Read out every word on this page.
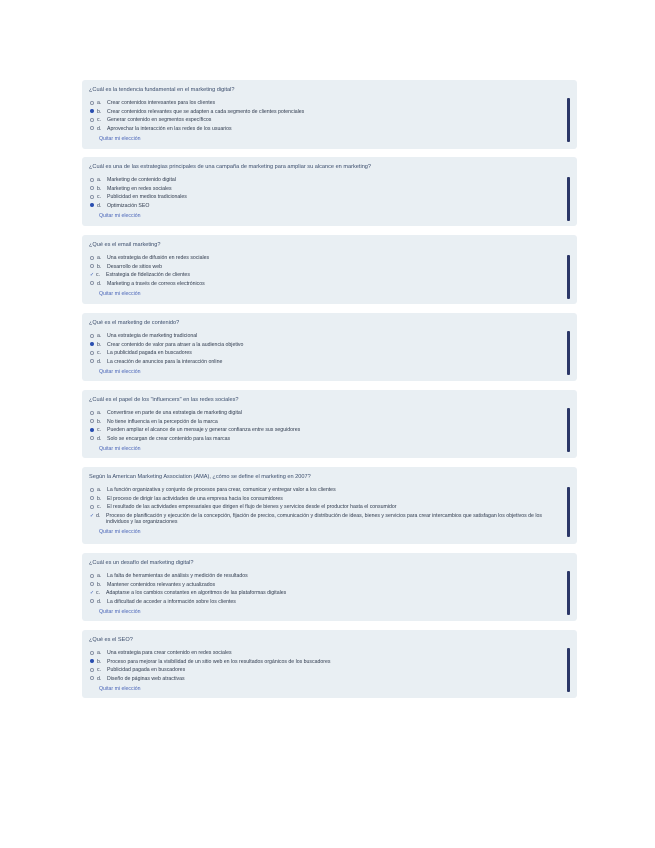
¿Cuál es la tendencia fundamental en el marketing digital?
a.	Crear contenidos interesantes para los clientes
b.	Crear contenidos relevantes que se adapten a cada segmento de clientes potenciales
c.	Generar contenido en segmentos específicos
d.	Aprovechar la interacción en las redes de los usuarios
Quitar mi elección
¿Cuál es una de las estrategias principales de una campaña de marketing para ampliar su alcance en marketing?
a.	Marketing de contenido digital
b.	Marketing en redes sociales
c.	Publicidad en medios tradicionales
d.	Optimización SEO
Quitar mi elección
¿Qué es el email marketing?
a.	Una estrategia de difusión en redes sociales
b.	Desarrollo de sitios web
✓ c.	Estrategia de fidelización de clientes
d.	Marketing a través de correos electrónicos
Quitar mi elección
¿Qué es el marketing de contenido?
a.	Una estrategia de marketing tradicional
b.	Crear contenido de valor para atraer a la audiencia objetivo
c.	La publicidad pagada en buscadores
d.	La creación de anuncios para la interacción online
Quitar mi elección
¿Cuál es el papel de los "influencers" en las redes sociales?
a.	Convertirse en parte de una estrategia de marketing digital
b.	No tiene influencia en la percepción de la marca
c.	Pueden ampliar el alcance de un mensaje y generar confianza entre sus seguidores
d.	Solo se encargan de crear contenido para las marcas
Quitar mi elección
Según la American Marketing Association (AMA), ¿cómo se define el marketing en 2007?
a.	La función organizativa y conjunto de procesos para crear, comunicar y entregar valor a los clientes
b.	El proceso de dirigir las actividades de una empresa hacia los consumidores
c.	El resultado de las actividades empresariales que dirigen el flujo de bienes y servicios desde el productor hasta el consumidor
✓ d.	Proceso de planificación y ejecución de la concepción, fijación de precios, comunicación y distribución de ideas, bienes y servicios para crear intercambios que satisfagan los objetivos de los individuos y las organizaciones
Quitar mi elección
¿Cuál es un desafío del marketing digital?
a.	La falta de herramientas de análisis y medición de resultados
b.	Mantener contenidos relevantes y actualizados
✓ c.	Adaptarse a los cambios constantes en algoritmos de las plataformas digitales
d.	La dificultad de acceder a información sobre los clientes
Quitar mi elección
¿Qué es el SEO?
a.	Una estrategia para crear contenido en redes sociales
b.	Proceso para mejorar la visibilidad de un sitio web en los resultados orgánicos de los buscadores
c.	Publicidad pagada en buscadores
d.	Diseño de páginas web atractivas
Quitar mi elección
